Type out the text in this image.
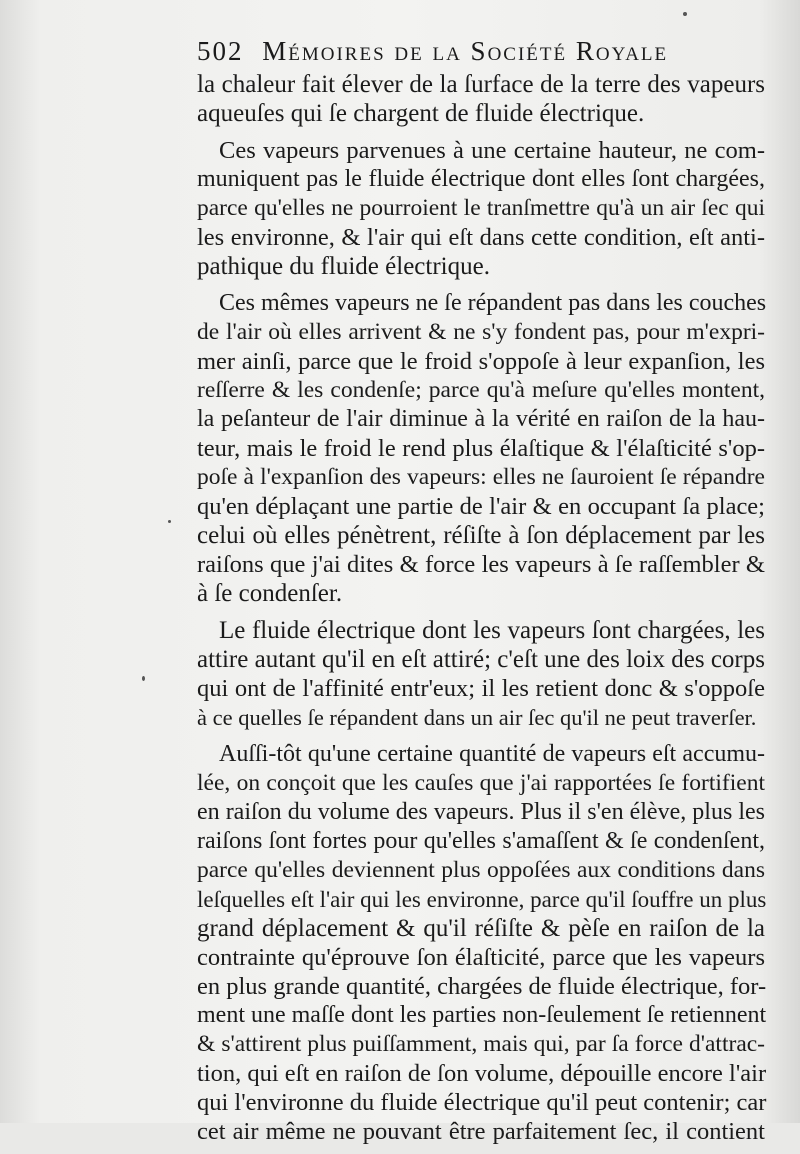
502 Mémoires de la Société Royale
la chaleur fait élever de la ſurface de la terre des vapeurs
aqueuſes qui ſe chargent de fluide électrique.
Ces vapeurs parvenues à une certaine hauteur, ne com-
muniquent pas le fluide électrique dont elles ſont chargées,
parce qu'elles ne pourroient le tranſmettre qu'à un air ſec qui
les environne, & l'air qui eſt dans cette condition, eſt anti-
pathique du fluide électrique.
Ces mêmes vapeurs ne ſe répandent pas dans les couches
de l'air où elles arrivent & ne s'y fondent pas, pour m'expri-
mer ainſi, parce que le froid s'oppoſe à leur expanſion, les
reſſerre & les condenſe; parce qu'à meſure qu'elles montent,
la peſanteur de l'air diminue à la vérité en raiſon de la hau-
teur, mais le froid le rend plus élaſtique & l'élaſticité s'op-
poſe à l'expanſion des vapeurs: elles ne ſauroient ſe répandre
qu'en déplaçant une partie de l'air & en occupant ſa place;
celui où elles pénètrent, réſiſte à ſon déplacement par les
raiſons que j'ai dites & force les vapeurs à ſe raſſembler &
à ſe condenſer.
Le fluide électrique dont les vapeurs ſont chargées, les
attire autant qu'il en eſt attiré; c'eſt une des loix des corps
qui ont de l'affinité entr'eux; il les retient donc & s'oppoſe
à ce quelles ſe répandent dans un air ſec qu'il ne peut traverſer.
Auſſi-tôt qu'une certaine quantité de vapeurs eſt accumu-
lée, on conçoit que les cauſes que j'ai rapportées ſe fortifient
en raiſon du volume des vapeurs. Plus il s'en élève, plus les
raiſons ſont fortes pour qu'elles s'amaſſent & ſe condenſent,
parce qu'elles deviennent plus oppoſées aux conditions dans
leſquelles eſt l'air qui les environne, parce qu'il ſouffre un plus
grand déplacement & qu'il réſiſte & pèſe en raiſon de la
contrainte qu'éprouve ſon élaſticité, parce que les vapeurs
en plus grande quantité, chargées de fluide électrique, for-
ment une maſſe dont les parties non-ſeulement ſe retiennent
& s'attirent plus puiſſamment, mais qui, par ſa force d'attrac-
tion, qui eſt en raiſon de ſon volume, dépouille encore l'air
qui l'environne du fluide électrique qu'il peut contenir; car
cet air même ne pouvant être parfaitement ſec, il contient
